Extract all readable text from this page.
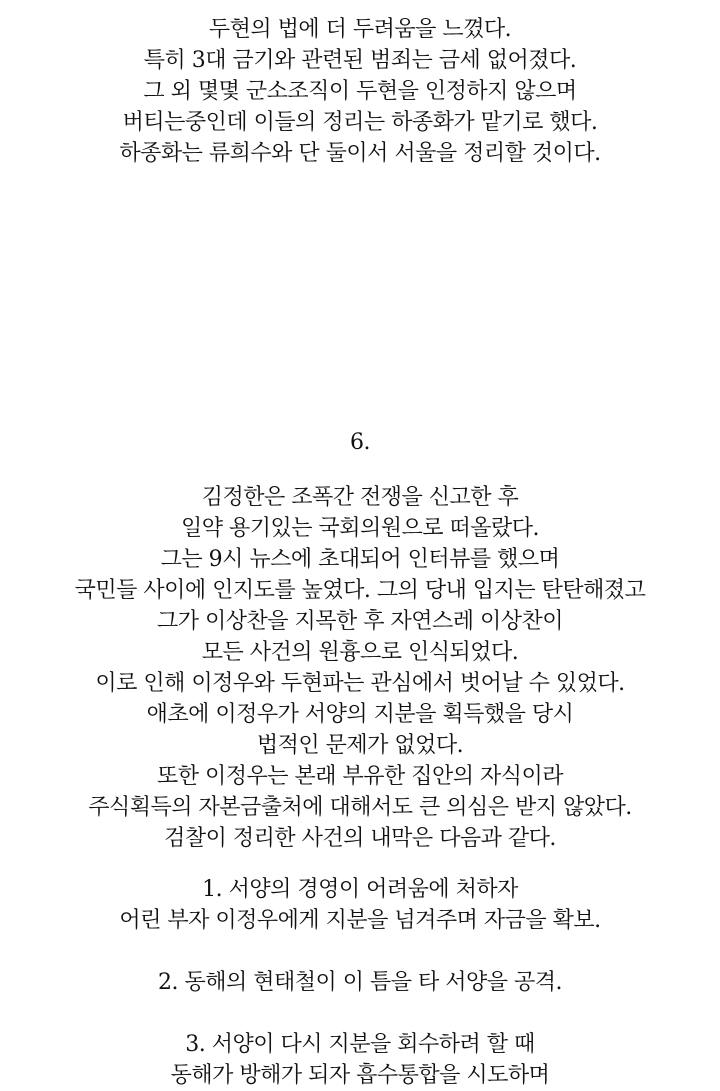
두현의 법에 더 두려움을 느꼈다.
특히 3대 금기와 관련된 범죄는 금세 없어졌다.
그 외 몇몇 군소조직이 두현을 인정하지 않으며
버티는중인데 이들의 정리는 하종화가 맡기로 했다.
하종화는 류희수와 단 둘이서 서울을 정리할 것이다.
6.
김정한은 조폭간 전쟁을 신고한 후
일약 용기있는 국회의원으로 떠올랐다.
그는 9시 뉴스에 초대되어 인터뷰를 했으며
국민들 사이에 인지도를 높였다. 그의 당내 입지는 탄탄해졌고
그가 이상찬을 지목한 후 자연스레 이상찬이
모든 사건의 원흉으로 인식되었다.
이로 인해 이정우와 두현파는 관심에서 벗어날 수 있었다.
애초에 이정우가 서양의 지분을 획득했을 당시
법적인 문제가 없었다.
또한 이정우는 본래 부유한 집안의 자식이라
주식획득의 자본금출처에 대해서도 큰 의심은 받지 않았다.
검찰이 정리한 사건의 내막은 다음과 같다.
1. 서양의 경영이 어려움에 처하자
어린 부자 이정우에게 지분을 넘겨주며 자금을 확보.
2. 동해의 현태철이 이 틈을 타 서양을 공격.
3. 서양이 다시 지분을 회수하려 할 때
동해가 방해가 되자 흡수통합을 시도하며
